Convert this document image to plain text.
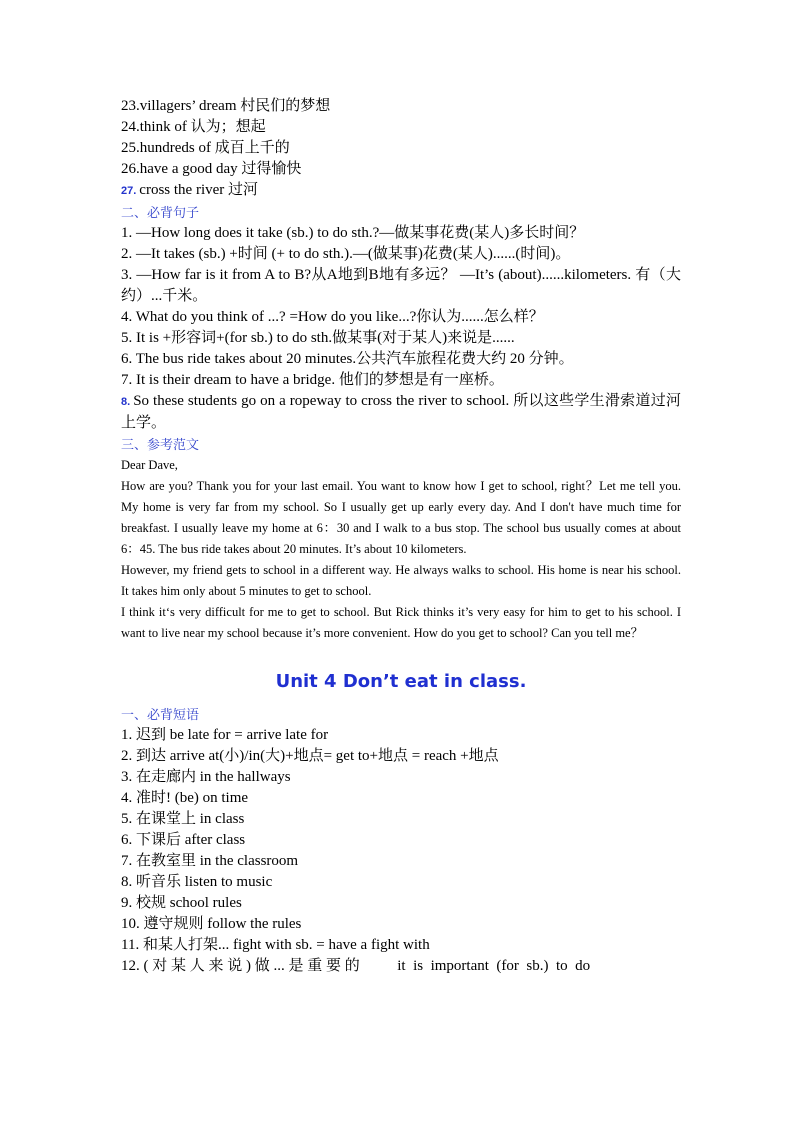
23.villagers’ dream 村民们的梦想
24.think of 认为；想起
25.hundreds of 成百上千的
26.have a good day 过得愉快
27. cross the river 过河
二、必背句子
1. —How long does it take (sb.) to do sth.?—做某事花费(某人)多长时间？
2. —It takes (sb.) +时间 (+ to do sth.).—(做某事)花费(某人)......(时间)。
3. —How far is it from A to B?从A地到B地有多远？ —It’s (about)......kilometers. 有（大约）...千米。
4. What do you think of ...? =How do you like...?你认为......怎么样？
5. It is +形容词+(for sb.) to do sth.做某事(对于某人)来说是......
6. The bus ride takes about 20 minutes.公共汽车旅程花费大约 20 分钟。
7. It is their dream to have a bridge. 他们的梦想是有一座桥。
8. So these students go on a ropeway to cross the river to school. 所以这些学生滑索道过河上学。
三、参考范文
Dear Dave,
How are you? Thank you for your last email. You want to know how I get to school, right？Let me tell you. My home is very far from my school. So I usually get up early every day. And I don't have much time for breakfast. I usually leave my home at 6：30 and I walk to a bus stop. The school bus usually comes at about 6：45. The bus ride takes about 20 minutes. It’s about 10 kilometers.
However, my friend gets to school in a different way. He always walks to school. His home is near his school. It takes him only about 5 minutes to get to school.
I think it‘s very difficult for me to get to school. But Rick thinks it’s very easy for him to get to his school. I want to live near my school because it’s more convenient. How do you get to school? Can you tell me？
Unit 4 Don’t eat in class.
一、必背短语
1. 迟到 be late for = arrive late for
2. 到达 arrive at(小)/in(大)+地点= get to+地点 = reach +地点
3. 在走廊内 in the hallways
4. 准时! (be) on time
5. 在课堂上 in class
6. 下课后 after class
7. 在教室里 in the classroom
8. 听音乐 listen to music
9. 校规 school rules
10. 遵守规则 follow the rules
11. 和某人打架... fight with sb. = have a fight with
12. ( 对 某 人 来 说 ) 做 ... 是 重 要 的          it  is  important  (for  sb.)  to  do
